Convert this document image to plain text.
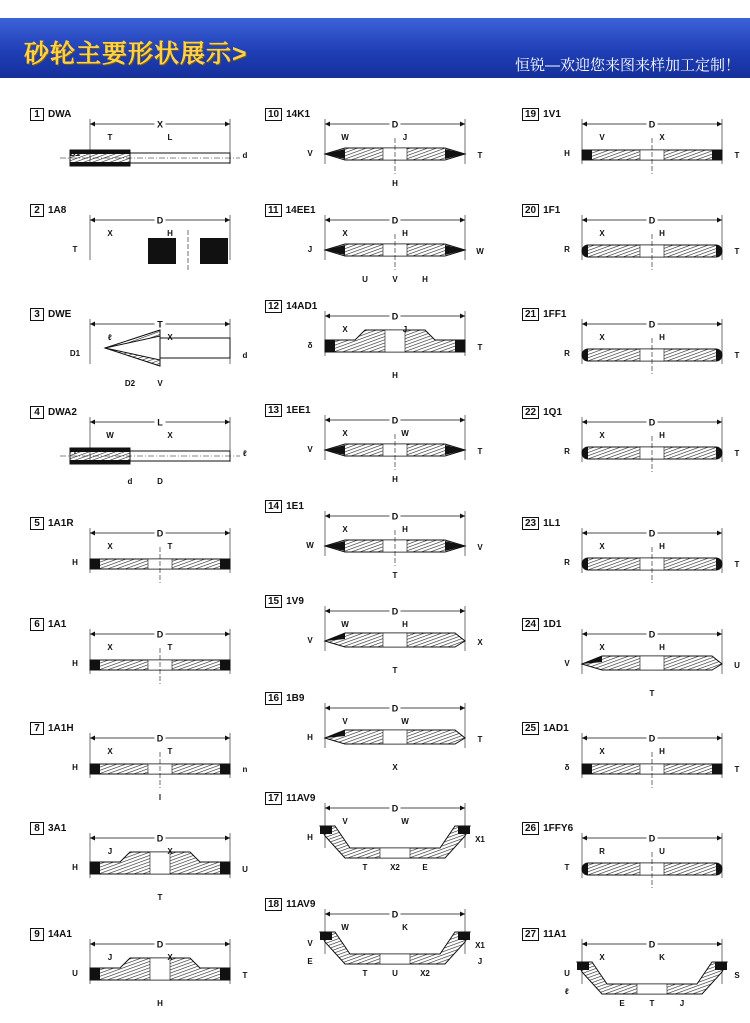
砂轮主要形状展示>	恒锐—欢迎您来图来样加工定制！
X
T	L
D1	d
1 DWA
D
X	H
T
2 1A8
T
ℓ	X
D1	d
V
D2
3 DWE
L
W	X
T	ℓ
D
d
4 DWA2
D
X	T
H
5 1A1R
D
X	T
H
6 1A1
D
X	T
H	n
l
7 1A1H
D
J	X
H	U
T
8 3A1
D
J	X
U	T
H
9 14A1
D
W	J
V	T
H
10 14K1
D
X	H
J	W
V
U	H
11 14EE1
D
X	J
δ	T
H
12 14AD1
D
X	W
V	T
H
13 1EE1
D
X	H
W	V
T
14 1E1
D
W	H
V	X
T
15 1V9
D
V	W
H	T
X
16 1B9
D
V	W
H	X1
X2
T	E
17 11AV9
D
W	K
V	X1
U
T	X2
E	J
18 11AV9
D
V	X
H	T
19 1V1
D
X	H
R	T
20 1F1
D
X	H
R	T
21 1FF1
D
X	H
R	T
22 1Q1
D
X	H
R	T
23 1L1
D
X	H
V	U
T
24 1D1
D
X	H
δ	T
25 1AD1
D
R	U
T
26 1FFY6
D
X	K
U	S
T
E	J
ℓ
27 11A1
